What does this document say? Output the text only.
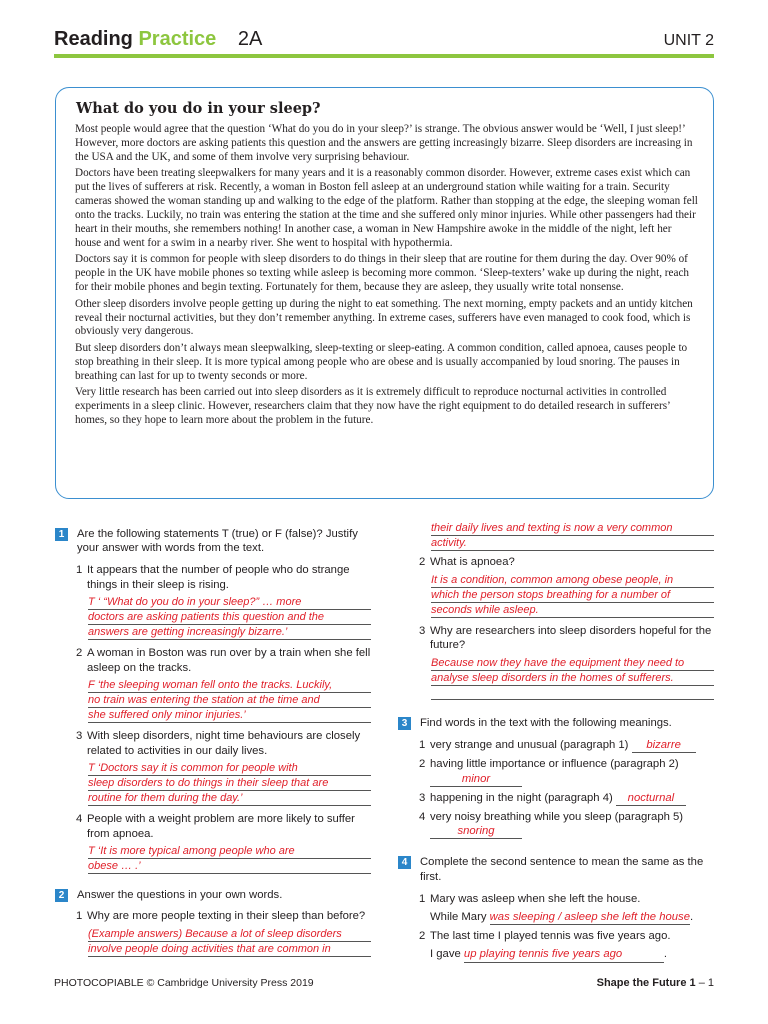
Reading Practice 2A	UNIT 2
What do you do in your sleep?

Most people would agree that the question ‘What do you do in your sleep?’ is strange. The obvious answer would be ‘Well, I just sleep!’ However, more doctors are asking patients this question and the answers are getting increasingly bizarre. Sleep disorders are increasing in the USA and the UK, and some of them involve very surprising behaviour.

Doctors have been treating sleepwalkers for many years and it is a reasonably common disorder. However, extreme cases exist which can put the lives of sufferers at risk. Recently, a woman in Boston fell asleep at an underground station while waiting for a train. Security cameras showed the woman standing up and walking to the edge of the platform. Rather than stopping at the edge, the sleeping woman fell onto the tracks. Luckily, no train was entering the station at the time and she suffered only minor injuries. While other passengers had their heart in their mouths, she remembers nothing! In another case, a woman in New Hampshire awoke in the middle of the night, left her house and went for a swim in a nearby river. She went to hospital with hypothermia.

Doctors say it is common for people with sleep disorders to do things in their sleep that are routine for them during the day. Over 90% of people in the UK have mobile phones so texting while asleep is becoming more common. ‘Sleep-texters’ wake up during the night, reach for their mobile phones and begin texting. Fortunately for them, because they are asleep, they usually write total nonsense.

Other sleep disorders involve people getting up during the night to eat something. The next morning, empty packets and an untidy kitchen reveal their nocturnal activities, but they don’t remember anything. In extreme cases, sufferers have even managed to cook food, which is obviously very dangerous.

But sleep disorders don’t always mean sleepwalking, sleep-texting or sleep-eating. A common condition, called apnoea, causes people to stop breathing in their sleep. It is more typical among people who are obese and is usually accompanied by loud snoring. The pauses in breathing can last for up to twenty seconds or more.

Very little research has been carried out into sleep disorders as it is extremely difficult to reproduce nocturnal activities in controlled experiments in a sleep clinic. However, researchers claim that they now have the right equipment to do detailed research in sufferers’ homes, so they hope to learn more about the problem in the future.

1	Are the following statements T (true) or F (false)? Justify your answer with words from the text.
1 It appears that the number of people who do strange things in their sleep is rising.
T ‘ “What do you do in your sleep?” … more
doctors are asking patients this question and the
answers are getting increasingly bizarre.’
2 A woman in Boston was run over by a train when she fell asleep on the tracks.
F ‘the sleeping woman fell onto the tracks. Luckily,
no train was entering the station at the time and
she suffered only minor injuries.’
3 With sleep disorders, night time behaviours are closely related to activities in our daily lives.
T ‘Doctors say it is common for people with
sleep disorders to do things in their sleep that are
routine for them during the day.’
4 People with a weight problem are more likely to suffer from apnoea.
T ‘It is more typical among people who are
obese … .’
2	Answer the questions in your own words.
1 Why are more people texting in their sleep than before?
(Example answers) Because a lot of sleep disorders
involve people doing activities that are common in
their daily lives and texting is now a very common
activity.
2 What is apnoea?
It is a condition, common among obese people, in
which the person stops breathing for a number of
seconds while asleep.
3 Why are researchers into sleep disorders hopeful for the future?
Because now they have the equipment they need to
analyse sleep disorders in the homes of sufferers.
3	Find words in the text with the following meanings.
1 very strange and unusual (paragraph 1) bizarre
2 having little importance or influence (paragraph 2)
minor
3 happening in the night (paragraph 4) nocturnal
4 very noisy breathing while you sleep (paragraph 5)
snoring
4	Complete the second sentence to mean the same as the first.
1 Mary was asleep when she left the house.
While Mary was sleeping / asleep she left the house.
2 The last time I played tennis was five years ago.
I gave up playing tennis five years ago	.
PHOTOCOPIABLE © Cambridge University Press 2019	Shape the Future 1 – 1
